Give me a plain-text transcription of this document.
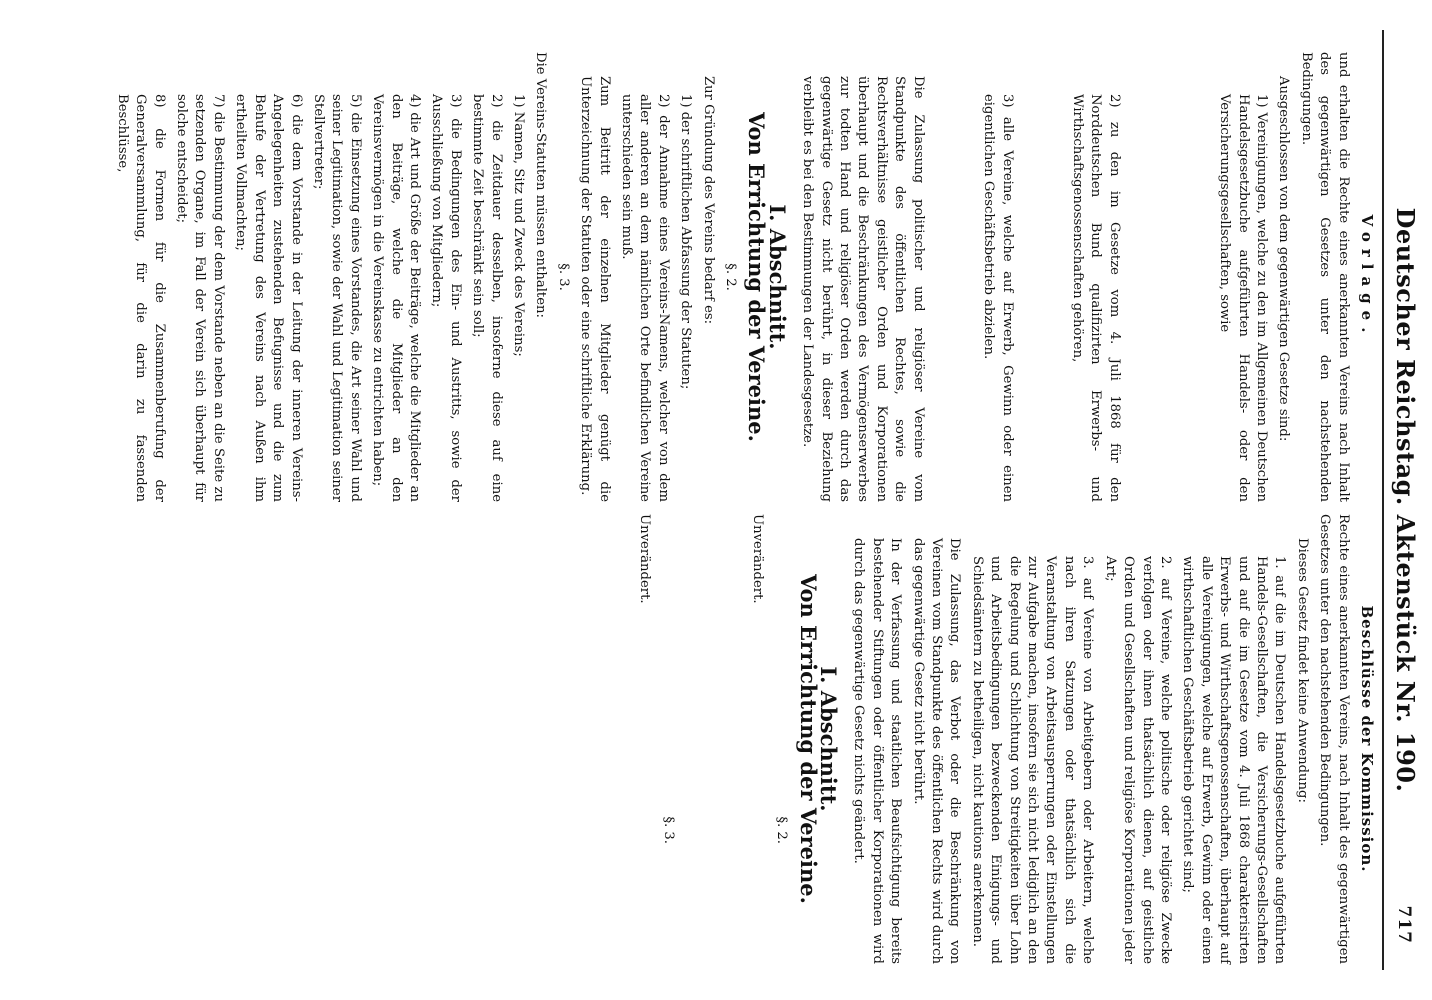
Deutscher Reichstag. Aktenstück Nr. 190.
717
Vorlage.
und erhalten die Rechte eines anerkannten Vereins nach Inhalt des gegenwärtigen Gesetzes unter den nachstehenden Bedingungen.
Ausgeschlossen von dem gegenwärtigen Gesetze sind:
1) Vereinigungen, welche zu den im Allgemeinen Deutschen Handelsgesetzbuche aufgeführten Handels- oder den Versicherungsgesellschaften, sowie
2) zu den im Gesetze vom 4. Juli 1868 für den Norddeutschen Bund qualifizirten Erwerbs- und Wirthschaftsgenossenschaften gehören,
3) alle Vereine, welche auf Erwerb, Gewinn oder einen eigentlichen Geschäftsbetrieb abzielen.
Die Zulassung politischer und religiöser Vereine vom Standpunkte des öffentlichen Rechtes, sowie die Rechtsverhältnisse geistlicher Orden und Korporationen überhaupt und die Beschränkungen des Vermögenserwerbes zur todten Hand und religiöser Orden werden durch das gegenwärtige Gesetz nicht berührt, in dieser Beziehung verbleibt es bei den Bestimmungen der Landesgesetze.
I. Abschnitt.
Von Errichtung der Vereine.
§. 2.
Zur Gründung des Vereins bedarf es:
1) der schriftlichen Abfassung der Statuten;
2) der Annahme eines Vereins-Namens, welcher von dem aller anderen an dem nämlichen Orte befindlichen Vereine unterschieden sein muß.
Zum Beitritt der einzelnen Mitglieder genügt die Unterzeichnung der Statuten oder eine schriftliche Erklärung.
§. 3.
Die Vereins-Statuten müssen enthalten:
1) Namen, Sitz und Zweck des Vereins;
2) die Zeitdauer desselben, insoferne diese auf eine bestimmte Zeit beschränkt sein soll;
3) die Bedingungen des Ein- und Austritts, sowie der Ausschließung von Mitgliedern;
4) die Art und Größe der Beiträge, welche die Mitglieder an den Beiträge, welche die Mitglieder an den Vereinsvermögen in die Vereinskasse zu entrichten haben;
5) die Einsetzung eines Vorstandes, die Art seiner Wahl und seiner Legitimation, sowie der Wahl und Legitimation seiner Stellvertreter;
6) die dem Vorstande in der Leitung der inneren Vereins-Angelegenheiten zustehenden Befugnisse und die zum Behufe der Vertretung des Vereins nach Außen ihm ertheilten Vollmachten;
7) die Bestimmung der dem Vorstande neben an die Seite zu setzenden Organe, im Fall der Verein sich überhaupt für solche entscheidet;
8) die Formen für die Zusammenberufung der Generalversammlung, für die darin zu fassenden Beschlüsse,
Beschlüsse der Kommission.
Rechte eines anerkannten Vereins, nach Inhalt des gegenwärtigen Gesetzes unter den nachstehenden Bedingungen.
Dieses Gesetz findet keine Anwendung:
1. auf die im Deutschen Handelsgesetzbuche aufgeführten Handels-Gesellschaften, die Versicherungs-Gesellschaften und auf die im Gesetze vom 4. Juli 1868 charakterisirten Erwerbs- und Wirthschaftsgenossenschaften, überhaupt auf alle Vereinigungen, welche auf Erwerb, Gewinn oder einen wirthschaftlichen Geschäftsbetrieb gerichtet sind;
2. auf Vereine, welche politische oder religiöse Zwecke verfolgen oder ihnen thatsächlich dienen, auf geistliche Orden und Gesellschaften und religiöse Korporationen jeder Art;
3. auf Vereine von Arbeitgebern oder Arbeitern, welche nach ihren Satzungen oder thatsächlich sich die Veranstaltung von Arbeitsausperrungen oder Einstellungen zur Aufgabe machen, insofern sie sich nicht lediglich an den die Regelung und Schlichtung von Streitigkeiten über Lohn und Arbeitsbedingungen bezweckenden Einigungs- und Schiedsämtern zu betheiligen, nicht kautions anerkennen.
Die Zulassung, das Verbot oder die Beschränkung von Vereinen vom Standpunkte des öffentlichen Rechts wird durch das gegenwärtige Gesetz nicht berührt.
In der Verfassung und staatlichen Beaufsichtigung bereits bestehender Stiftungen oder öffentlicher Korporationen wird durch das gegenwärtige Gesetz nichts geändert.
I. Abschnitt.
Von Errichtung der Vereine.
§. 2.
Unverändert.
§. 3.
Unverändert.
